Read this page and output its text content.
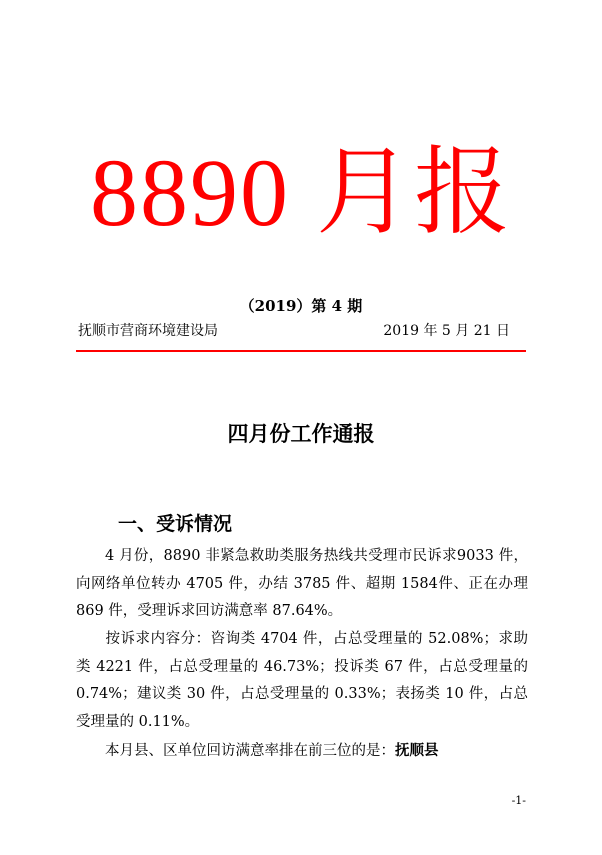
8890 月报
（2019）第 4 期
抚顺市营商环境建设局	2019 年 5 月 21 日
四月份工作通报
一、受诉情况
4 月份，8890 非紧急救助类服务热线共受理市民诉求9033 件，向网络单位转办 4705 件，办结 3785 件、超期 1584件、正在办理 869 件，受理诉求回访满意率 87.64%。
按诉求内容分：咨询类 4704 件，占总受理量的 52.08%；求助类 4221 件，占总受理量的 46.73%；投诉类 67 件，占总受理量的 0.74%；建议类 30 件，占总受理量的 0.33%；表扬类 10 件，占总受理量的 0.11%。
本月县、区单位回访满意率排在前三位的是：抚顺县
-1-
